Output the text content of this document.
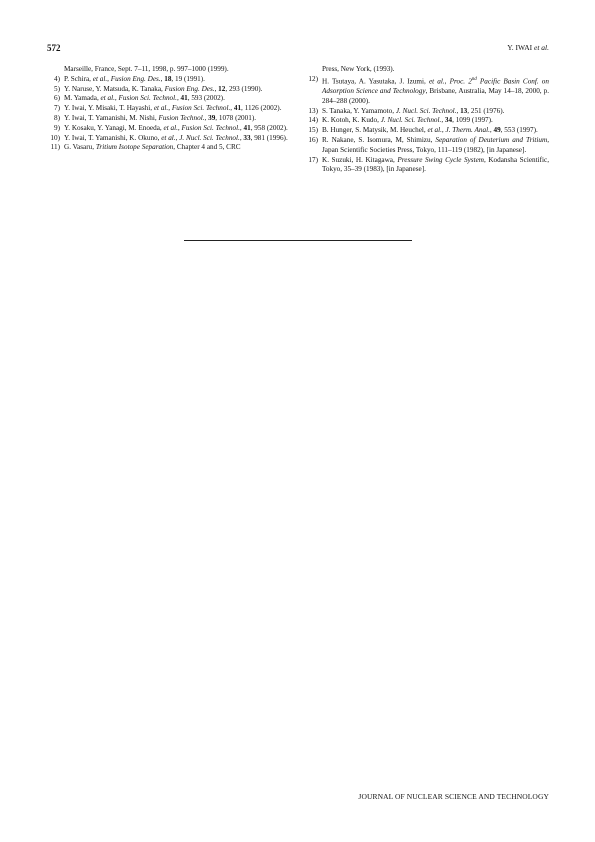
572	Y. IWAI et al.
Marseille, France, Sept. 7–11, 1998, p. 997–1000 (1999).
4) P. Schira, et al., Fusion Eng. Des., 18, 19 (1991).
5) Y. Naruse, Y. Matsuda, K. Tanaka, Fusion Eng. Des., 12, 293 (1990).
6) M. Yamada, et al., Fusion Sci. Technol., 41, 593 (2002).
7) Y. Iwai, Y. Misaki, T. Hayashi, et al., Fusion Sci. Technol., 41, 1126 (2002).
8) Y. Iwai, T. Yamanishi, M. Nishi, Fusion Technol., 39, 1078 (2001).
9) Y. Kosaku, Y. Yanagi, M. Enoeda, et al., Fusion Sci. Technol., 41, 958 (2002).
10) Y. Iwai, T. Yamanishi, K. Okuno, et al., J. Nucl. Sci. Technol., 33, 981 (1996).
11) G. Vasaru, Tritium Isotope Separation, Chapter 4 and 5, CRC
Press, New York, (1993).
12) H. Tsutaya, A. Yasutaka, J. Izumi, et al., Proc. 2nd Pacific Basin Conf. on Adsorption Science and Technology, Brisbane, Australia, May 14–18, 2000, p. 284–288 (2000).
13) S. Tanaka, Y. Yamamoto, J. Nucl. Sci. Technol., 13, 251 (1976).
14) K. Kotoh, K. Kudo, J. Nucl. Sci. Technol., 34, 1099 (1997).
15) B. Hunger, S. Matysik, M. Heuchel, et al., J. Therm. Anal., 49, 553 (1997).
16) R. Nakane, S. Isomura, M, Shimizu, Separation of Deuterium and Tritium, Japan Scientific Societies Press, Tokyo, 111–119 (1982), [in Japanese].
17) K. Suzuki, H. Kitagawa, Pressure Swing Cycle System, Kodansha Scientific, Tokyo, 35–39 (1983), [in Japanese].
JOURNAL OF NUCLEAR SCIENCE AND TECHNOLOGY
